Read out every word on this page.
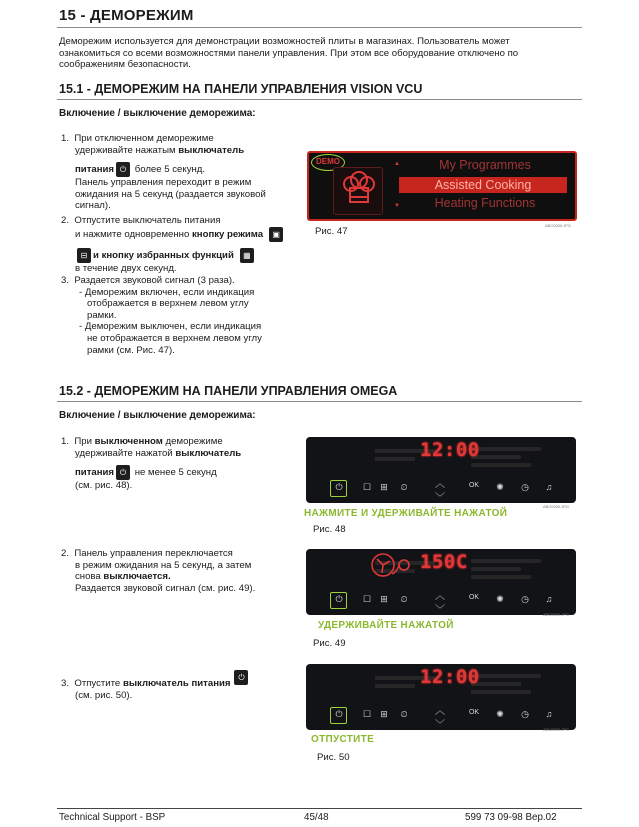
15 - ДЕМОРЕЖИМ
Деморежим используется для демонстрации возможностей плиты в магазинах. Пользователь может
ознакомиться со всеми возможностями панели управления. При этом все оборудование отключено по
соображениям безопасности.
15.1 - ДЕМОРЕЖИМ НА ПАНЕЛИ УПРАВЛЕНИЯ VISION VCU
Включение / выключение деморежима:
1. При отключенном деморежиме
удерживайте нажатым выключатель
питания ⏻ более 5 секунд.
Панель управления переходит в режим
ожидания на 5 секунд (раздается звуковой
сигнал).
2. Отпустите выключатель питания
и нажмите одновременно кнопку режима ▣
⊟ и кнопку избранных функций ▦
в течение двух секунд.
3. Раздается звуковой сигнал (3 раза).
- Деморежим включен, если индикация
отображается в верхнем левом углу
рамки.
- Деморежим выключен, если индикация
не отображается в верхнем левом углу
рамки (см. Рис. 47).
DEMO	▲
▼
My Programmes
Assisted Cooking
Heating Functions
ABC0000.JPG
Рис. 47
15.2 - ДЕМОРЕЖИМ НА ПАНЕЛИ УПРАВЛЕНИЯ OMEGA
Включение / выключение деморежима:
1. При выключенном деморежиме
удерживайте нажатой выключатель
питания ⏻ не менее 5 секунд
(см. рис. 48).
2. Панель управления переключается
в режим ожидания на 5 секунд, а затем
снова выключается.
Раздается звуковой сигнал (см. рис. 49).
3. Отпустите выключатель питания⏻
(см. рис. 50).
12:00
⏻	☐	⊞	⏲	︿
﹀
OK	✺	◷	♫
НАЖМИТЕ И УДЕРЖИВАЙТЕ НАЖАТОЙ
Рис. 48
150C
⏻	☐	⊞	⏲	︿
﹀
OK	✺	◷	♫
УДЕРЖИВАЙТЕ НАЖАТОЙ
Рис. 49
12:00
⏻	☐	⊞	⏲	︿
﹀
OK	✺	◷	♫
ОТПУСТИТЕ
Рис. 50
ABC0000.JPG
ABC0000.JPG
ABC0000.JPG
Technical Support - BSP	45/48	599 73 09-98 Вер.02
